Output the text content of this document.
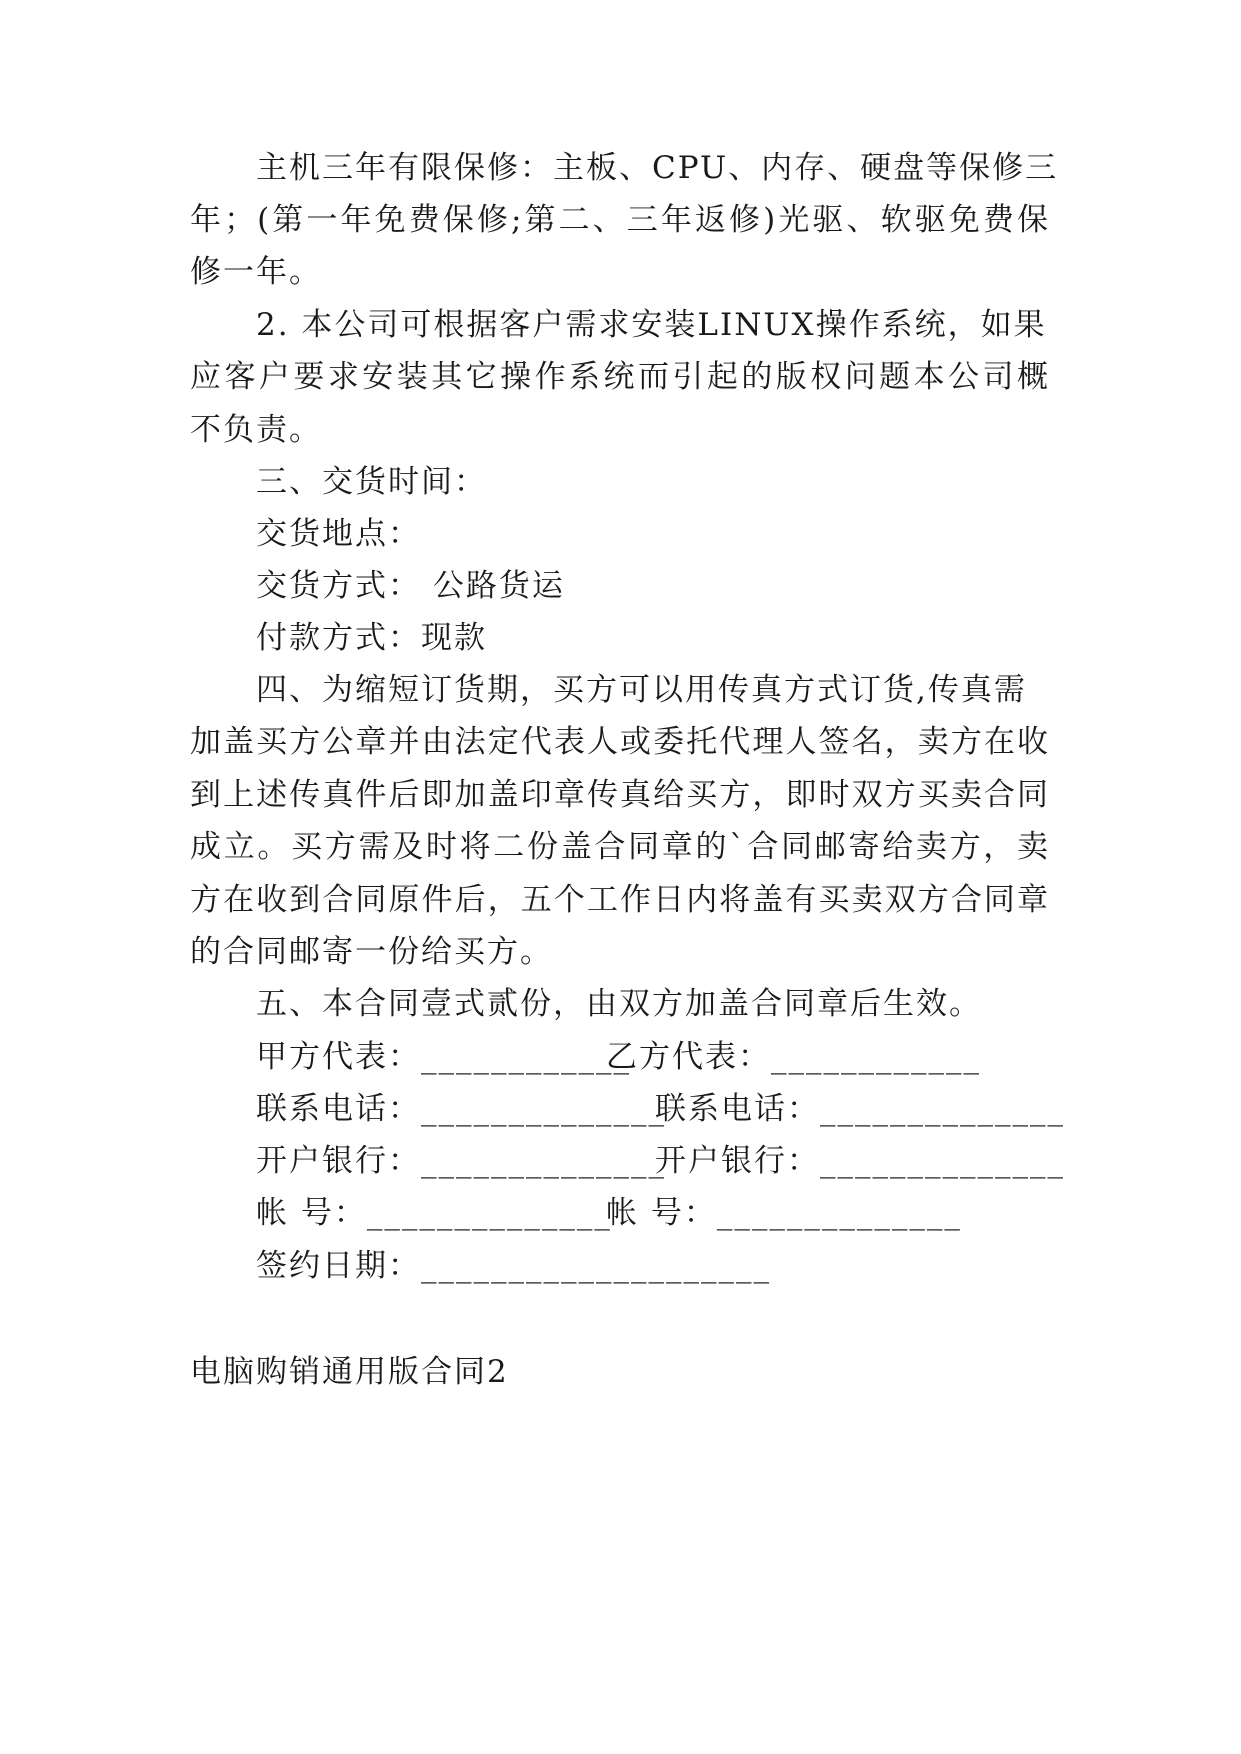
主机三年有限保修：主板、CPU、内存、硬盘等保修三
年；(第一年免费保修;第二、三年返修)光驱、软驱免费保
修一年。
2. 本公司可根据客户需求安装LINUX操作系统，如果
应客户要求安装其它操作系统而引起的版权问题本公司概
不负责。
三、交货时间：
交货地点：
交货方式： 公路货运
付款方式：现款
四、为缩短订货期，买方可以用传真方式订货,传真需
加盖买方公章并由法定代表人或委托代理人签名，卖方在收
到上述传真件后即加盖印章传真给买方，即时双方买卖合同
成立。买方需及时将二份盖合同章的`合同邮寄给卖方，卖
方在收到合同原件后，五个工作日内将盖有买卖双方合同章
的合同邮寄一份给买方。
五、本合同壹式贰份，由双方加盖合同章后生效。
甲方代表：____________
乙方代表：____________
联系电话：______________
联系电话：______________
开户银行：______________
开户银行：______________
帐 号：______________
帐 号：______________
签约日期：____________________
电脑购销通用版合同2
